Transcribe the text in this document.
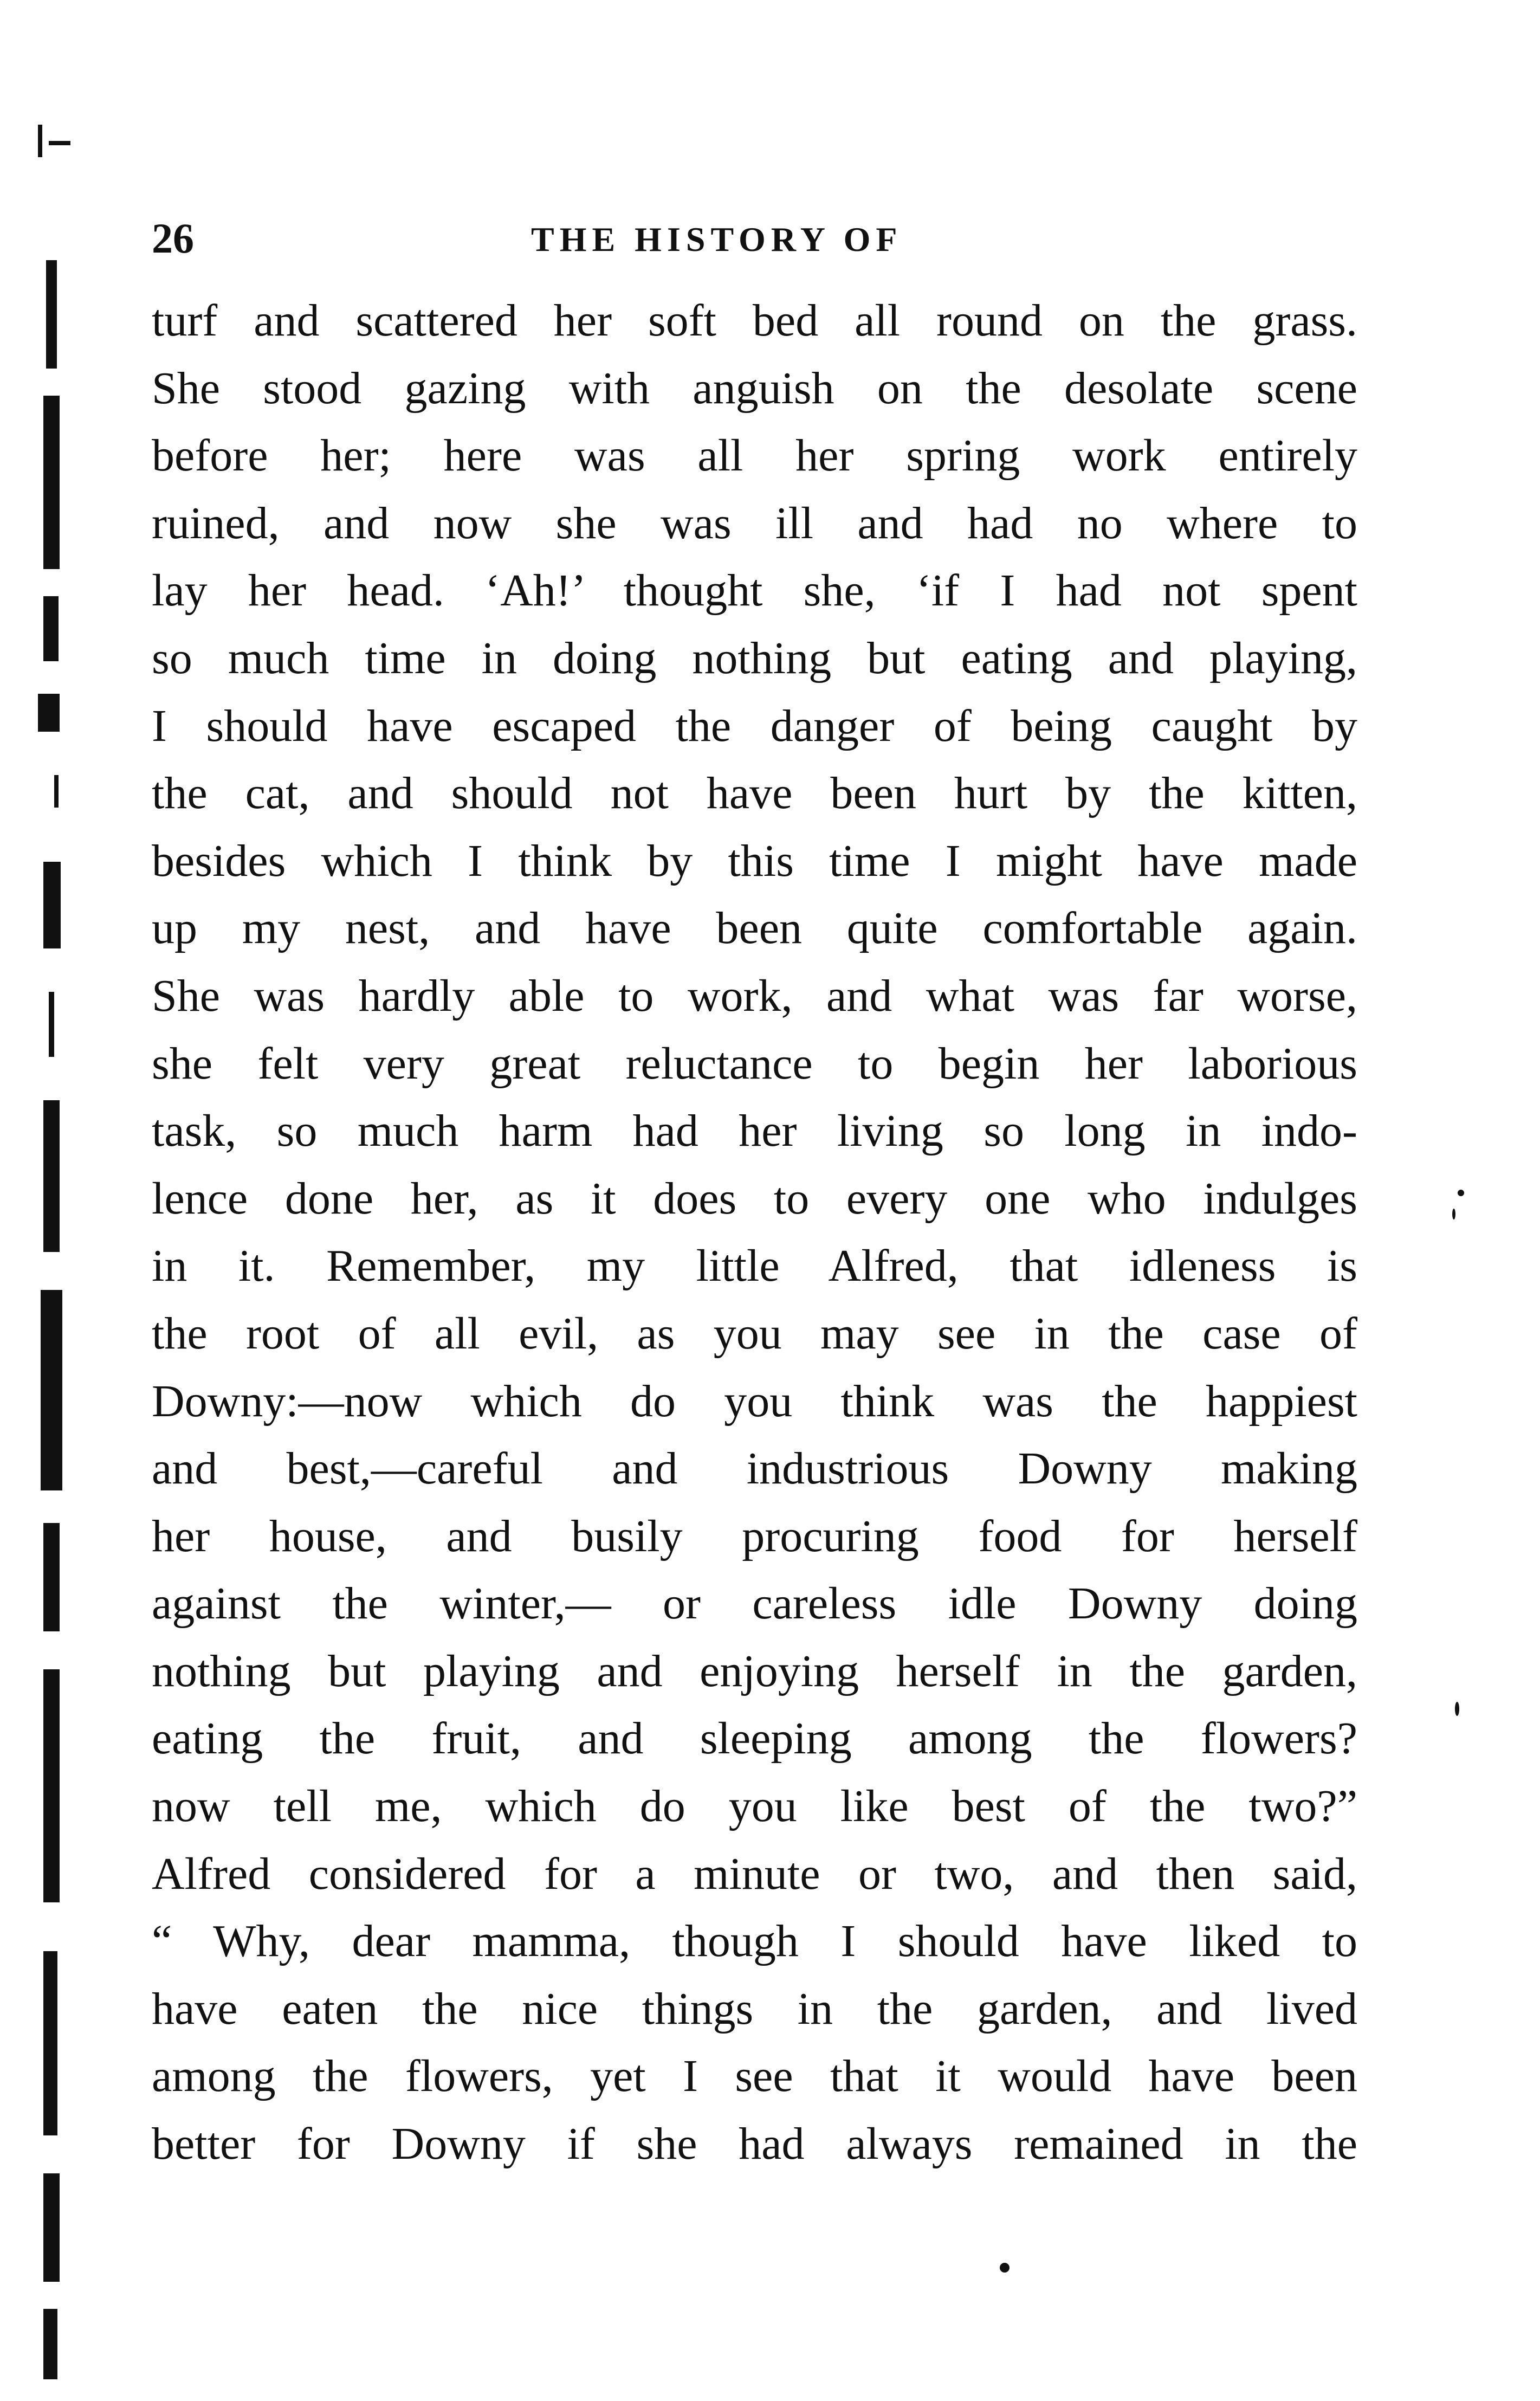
26	THE HISTORY OF
turf and scattered her soft bed all round on the grass.
She stood gazing with anguish on the desolate scene
before her; here was all her spring work entirely
ruined, and now she was ill and had no where to
lay her head. ‘Ah!’ thought she, ‘if I had not spent
so much time in doing nothing but eating and playing,
I should have escaped the danger of being caught by
the cat, and should not have been hurt by the kitten,
besides which I think by this time I might have made
up my nest, and have been quite comfortable again.
She was hardly able to work, and what was far worse,
she felt very great reluctance to begin her laborious
task, so much harm had her living so long in indo-
lence done her, as it does to every one who indulges
in it. Remember, my little Alfred, that idleness is
the root of all evil, as you may see in the case of
Downy:—now which do you think was the happiest
and best,—careful and industrious Downy making
her house, and busily procuring food for herself
against the winter,— or careless idle Downy doing
nothing but playing and enjoying herself in the garden,
eating the fruit, and sleeping among the flowers?
now tell me, which do you like best of the two?”
Alfred considered for a minute or two, and then said,
“ Why, dear mamma, though I should have liked to
have eaten the nice things in the garden, and lived
among the flowers, yet I see that it would have been
better for Downy if she had always remained in the
